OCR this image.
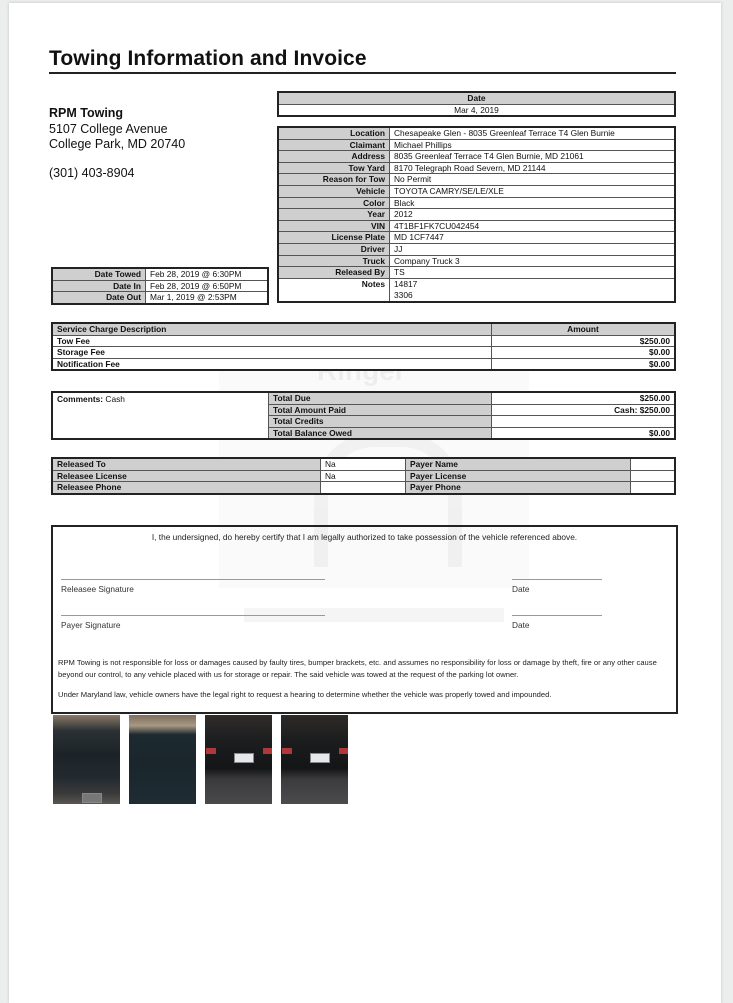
Ringer
Towing Information and Invoice
RPM Towing
5107 College Avenue
College Park, MD 20740
(301) 403-8904
Date
Mar 4, 2019
Location	Chesapeake Glen - 8035 Greenleaf Terrace T4 Glen Burnie
Claimant	Michael Phillips
Address	8035 Greenleaf Terrace T4 Glen Burnie, MD 21061
Tow Yard	8170 Telegraph Road Severn, MD 21144
Reason for Tow	No Permit
Vehicle	TOYOTA CAMRY/SE/LE/XLE
Color	Black
Year	2012
VIN	4T1BF1FK7CU042454
License Plate	MD 1CF7447
Driver	JJ
Truck	Company Truck 3
Released By	TS
Notes	14817
3306
Date Towed	Feb 28, 2019 @ 6:30PM
Date In	Feb 28, 2019 @ 6:50PM
Date Out	Mar 1, 2019 @ 2:53PM
Service Charge Description	Amount
Tow Fee	$250.00
Storage Fee	$0.00
Notification Fee	$0.00
Comments: Cash	Total Due	$250.00
	Total Amount Paid	Cash: $250.00
	Total Credits	
	Total Balance Owed	$0.00
Released To	Na	Payer Name	
Releasee License	Na	Payer License	
Releasee Phone		Payer Phone	
I, the undersigned, do hereby certify that I am legally authorized to take possession of the vehicle referenced above.
Releasee Signature	Date
Payer Signature	Date
RPM Towing is not responsible for loss or damages caused by faulty tires, bumper brackets, etc. and assumes no responsibility for loss or damage by theft, fire or any other cause beyond our control, to any vehicle placed with us for storage or repair. The said vehicle was towed at the request of the parking lot owner.
Under Maryland law, vehicle owners have the legal right to request a hearing to determine whether the vehicle was properly towed and impounded.
